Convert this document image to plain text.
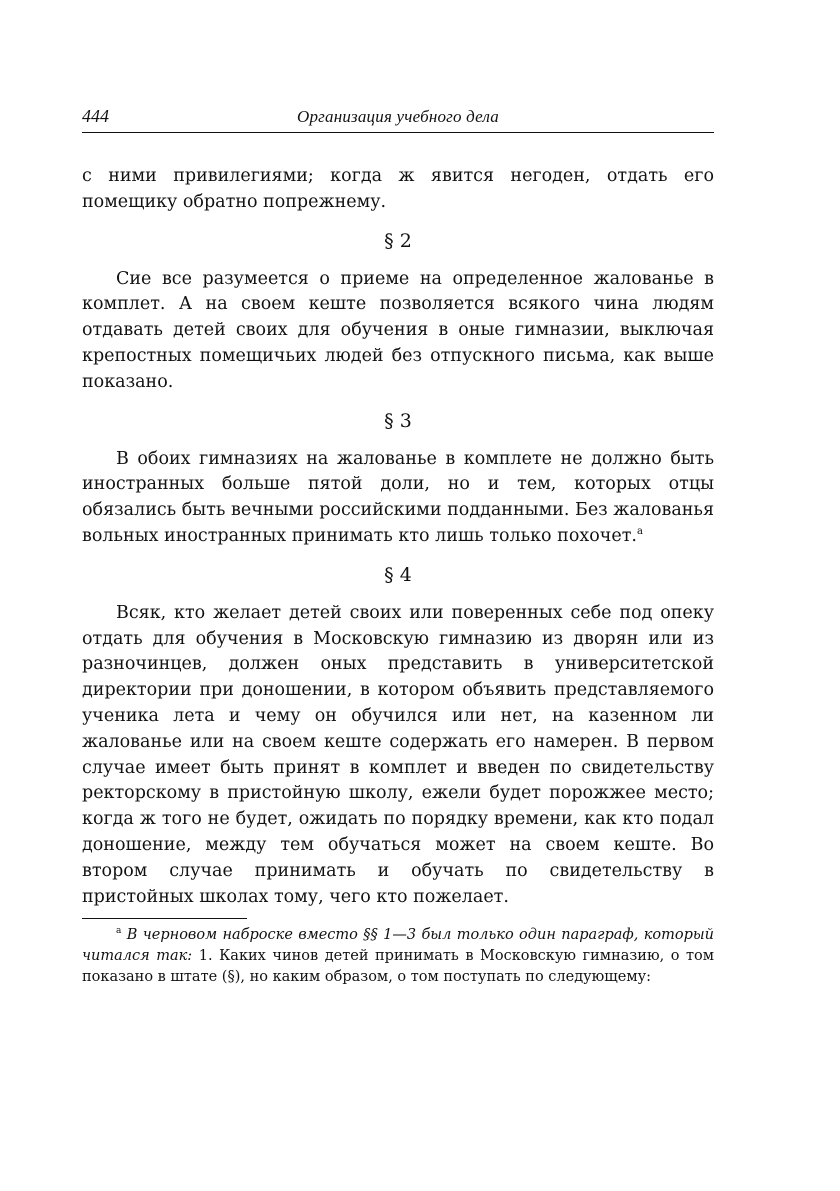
444	Организация учебного дела

с ними привилегиями; когда ж явится негоден, отдать его помещику обратно попрежнему.

§ 2

Сие все разумеется о приеме на определенное жалованье в комплет. А на своем кеште позволяется всякого чина людям отдавать детей своих для обучения в оные гимназии, выключая крепостных помещичьих людей без отпускного письма, как выше показано.

§ 3

В обоих гимназиях на жалованье в комплете не должно быть иностранных больше пятой доли, но и тем, которых отцы обязались быть вечными российскими подданными. Без жалованья вольных иностранных принимать кто лишь только похочет.$^а$

§ 4

Всяк, кто желает детей своих или поверенных себе под опеку отдать для обучения в Московскую гимназию из дворян или из разночинцев, должен оных представить в университетской директории при доношении, в котором объявить представляемого ученика лета и чему он обучился или нет, на казенном ли жалованье или на своем кеште содержать его намерен. В первом случае имеет быть принят в комплет и введен по свидетельству ректорскому в пристойную школу, ежели будет порожжее место; когда ж того не будет, ожидать по порядку времени, как кто подал доношение, между тем обучаться может на своем кеште. Во втором случае принимать и обучать по свидетельству в пристойных школах тому, чего кто пожелает.

$^а$ В черновом наброске вместо §§ 1—3 был только один параграф, который читался так: 1. Каких чинов детей принимать в Московскую гимназию, о том показано в штате (§), но каким образом, о том поступать по следующему:
